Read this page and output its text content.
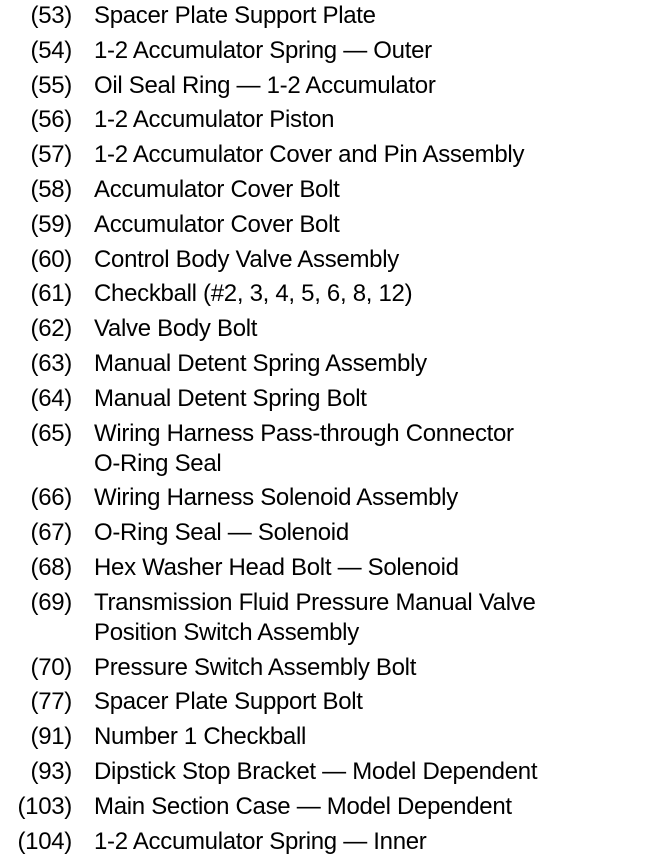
(53) Spacer Plate Support Plate
(54) 1-2 Accumulator Spring — Outer
(55) Oil Seal Ring — 1-2 Accumulator
(56) 1-2 Accumulator Piston
(57) 1-2 Accumulator Cover and Pin Assembly
(58) Accumulator Cover Bolt
(59) Accumulator Cover Bolt
(60) Control Body Valve Assembly
(61) Checkball (#2, 3, 4, 5, 6, 8, 12)
(62) Valve Body Bolt
(63) Manual Detent Spring Assembly
(64) Manual Detent Spring Bolt
(65) Wiring Harness Pass-through Connector
O-Ring Seal
(66) Wiring Harness Solenoid Assembly
(67) O-Ring Seal — Solenoid
(68) Hex Washer Head Bolt — Solenoid
(69) Transmission Fluid Pressure Manual Valve
Position Switch Assembly
(70) Pressure Switch Assembly Bolt
(77) Spacer Plate Support Bolt
(91) Number 1 Checkball
(93) Dipstick Stop Bracket — Model Dependent
(103) Main Section Case — Model Dependent
(104) 1-2 Accumulator Spring — Inner
